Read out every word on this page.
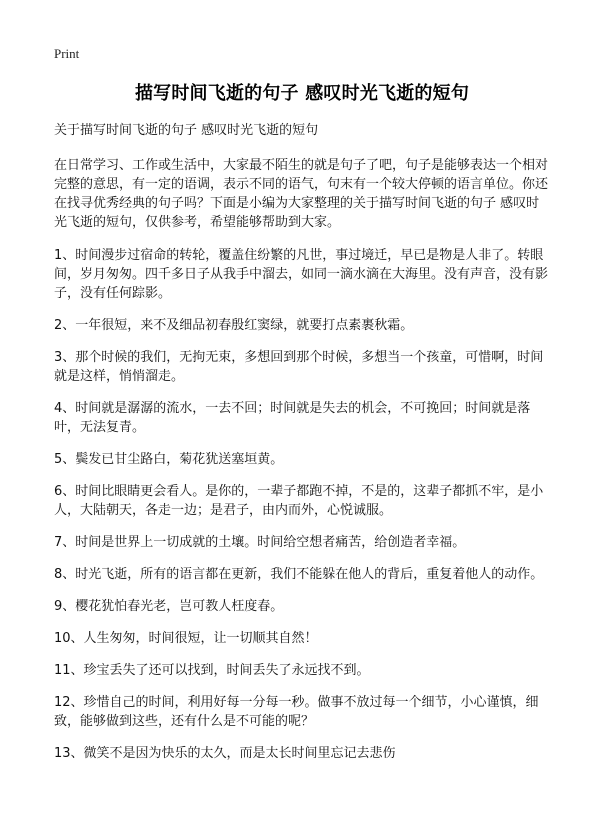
Print
描写时间飞逝的句子 感叹时光飞逝的短句
关于描写时间飞逝的句子 感叹时光飞逝的短句

在日常学习、工作或生活中，大家最不陌生的就是句子了吧，句子是能够表达一个相对完整的意思，有一定的语调，表示不同的语气，句末有一个较大停顿的语言单位。你还在找寻优秀经典的句子吗？下面是小编为大家整理的关于描写时间飞逝的句子 感叹时光飞逝的短句，仅供参考，希望能够帮助到大家。

1、时间漫步过宿命的转轮，覆盖住纷繁的凡世，事过境迁，早已是物是人非了。转眼间，岁月匆匆。四千多日子从我手中溜去，如同一滴水滴在大海里。没有声音，没有影子，没有任何踪影。
2、一年很短，来不及细品初春殷红窦绿，就要打点素裹秋霜。
3、那个时候的我们，无拘无束，多想回到那个时候，多想当一个孩童，可惜啊，时间就是这样，悄悄溜走。
4、时间就是潺潺的流水，一去不回；时间就是失去的机会，不可挽回；时间就是落叶，无法复青。
5、鬓发已甘尘路白，菊花犹送塞垣黄。
6、时间比眼睛更会看人。是你的，一辈子都跑不掉，不是的，这辈子都抓不牢，是小人，大陆朝天，各走一边；是君子，由内而外，心悦诚服。
7、时间是世界上一切成就的土壤。时间给空想者痛苦，给创造者幸福。
8、时光飞逝，所有的语言都在更新，我们不能躲在他人的背后，重复着他人的动作。
9、樱花犹怕春光老，岂可教人枉度春。
10、人生匆匆，时间很短，让一切顺其自然！
11、珍宝丢失了还可以找到，时间丢失了永远找不到。
12、珍惜自己的时间，利用好每一分每一秒。做事不放过每一个细节，小心谨慎，细致，能够做到这些，还有什么是不可能的呢？
13、微笑不是因为快乐的太久，而是太长时间里忘记去悲伤
